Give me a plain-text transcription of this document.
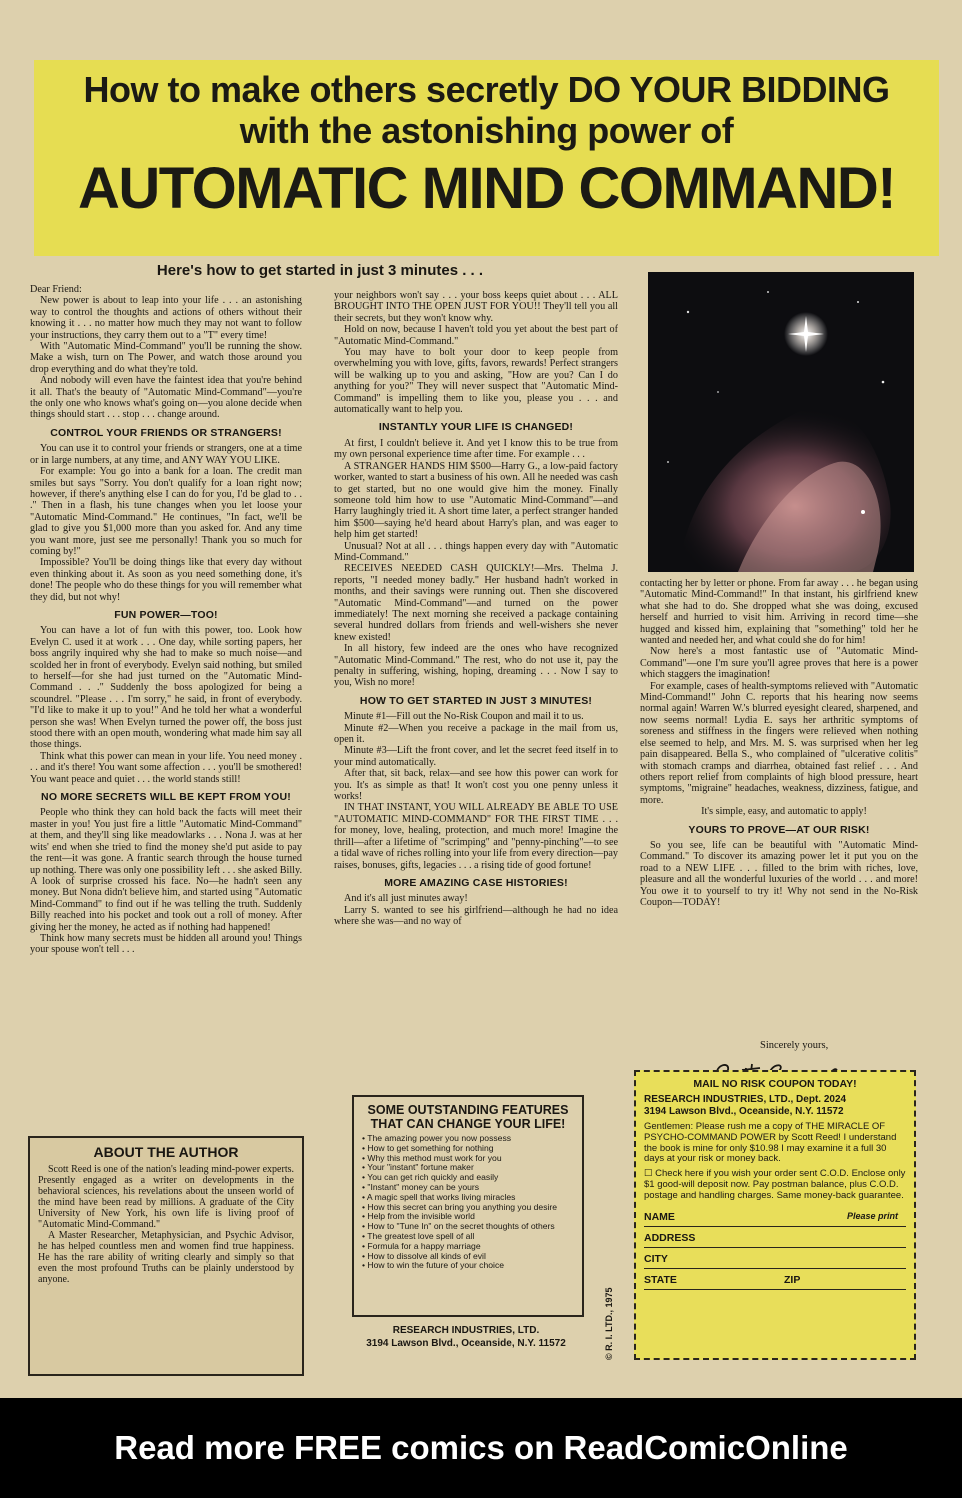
How to make others secretly DO YOUR BIDDING
with the astonishing power of
AUTOMATIC MIND COMMAND!
Here's how to get started in just 3 minutes . . .

Dear Friend:

New power is about to leap into your life . . . an astonishing way to control the thoughts and actions of others without their knowing it . . . no matter how much they may not want to follow your instructions, they carry them out to a "T" every time!

With "Automatic Mind-Command" you'll be running the show. Make a wish, turn on The Power, and watch those around you drop everything and do what they're told.

And nobody will even have the faintest idea that you're behind it all. That's the beauty of "Automatic Mind-Command"—you're the only one who knows what's going on—you alone decide when things should start . . . stop . . . change around.

CONTROL YOUR FRIENDS OR STRANGERS!

You can use it to control your friends or strangers, one at a time or in large numbers, at any time, and ANY WAY YOU LIKE.

For example: You go into a bank for a loan. The credit man smiles but says "Sorry. You don't qualify for a loan right now; however, if there's anything else I can do for you, I'd be glad to . . ." Then in a flash, his tune changes when you let loose your "Automatic Mind-Command." He continues, "In fact, we'll be glad to give you $1,000 more than you asked for. And any time you want more, just see me personally! Thank you so much for coming by!"

Impossible? You'll be doing things like that every day without even thinking about it. As soon as you need something done, it's done! The people who do these things for you will remember what they did, but not why!

FUN POWER—TOO!

You can have a lot of fun with this power, too. Look how Evelyn C. used it at work . . . One day, while sorting papers, her boss angrily inquired why she had to make so much noise—and scolded her in front of everybody. Evelyn said nothing, but smiled to herself—for she had just turned on the "Automatic Mind-Command . . ." Suddenly the boss apologized for being a scoundrel. "Please . . . I'm sorry," he said, in front of everybody. "I'd like to make it up to you!" And he told her what a wonderful person she was! When Evelyn turned the power off, the boss just stood there with an open mouth, wondering what made him say all those things.

Think what this power can mean in your life. You need money . . . and it's there! You want some affection . . . you'll be smothered! You want peace and quiet . . . the world stands still!

NO MORE SECRETS WILL BE KEPT FROM YOU!

People who think they can hold back the facts will meet their master in you! You just fire a little "Automatic Mind-Command" at them, and they'll sing like meadowlarks . . . Nona J. was at her wits' end when she tried to find the money she'd put aside to pay the rent—it was gone. A frantic search through the house turned up nothing. There was only one possibility left . . . she asked Billy. A look of surprise crossed his face. No—he hadn't seen any money. But Nona didn't believe him, and started using "Automatic Mind-Command" to find out if he was telling the truth. Suddenly Billy reached into his pocket and took out a roll of money. After giving her the money, he acted as if nothing had happened!

Think how many secrets must be hidden all around you! Things your spouse won't tell . . .

your neighbors won't say . . . your boss keeps quiet about . . . ALL BROUGHT INTO THE OPEN JUST FOR YOU!! They'll tell you all their secrets, but they won't know why.

Hold on now, because I haven't told you yet about the best part of "Automatic Mind-Command."

You may have to bolt your door to keep people from overwhelming you with love, gifts, favors, rewards! Perfect strangers will be walking up to you and asking, "How are you? Can I do anything for you?" They will never suspect that "Automatic Mind-Command" is impelling them to like you, please you . . . and automatically want to help you.

INSTANTLY YOUR LIFE IS CHANGED!

At first, I couldn't believe it. And yet I know this to be true from my own personal experience time after time. For example . . .

A STRANGER HANDS HIM $500—Harry G., a low-paid factory worker, wanted to start a business of his own. All he needed was cash to get started, but no one would give him the money. Finally someone told him how to use "Automatic Mind-Command"—and Harry laughingly tried it. A short time later, a perfect stranger handed him $500—saying he'd heard about Harry's plan, and was eager to help him get started!

Unusual? Not at all . . . things happen every day with "Automatic Mind-Command."

RECEIVES NEEDED CASH QUICKLY!—Mrs. Thelma J. reports, "I needed money badly." Her husband hadn't worked in months, and their savings were running out. Then she discovered "Automatic Mind-Command"—and turned on the power immediately! The next morning she received a package containing several hundred dollars from friends and well-wishers she never knew existed!

In all history, few indeed are the ones who have recognized "Automatic Mind-Command." The rest, who do not use it, pay the penalty in suffering, wishing, hoping, dreaming . . . Now I say to you, Wish no more!

HOW TO GET STARTED IN JUST 3 MINUTES!

Minute #1—Fill out the No-Risk Coupon and mail it to us.

Minute #2—When you receive a package in the mail from us, open it.

Minute #3—Lift the front cover, and let the secret feed itself in to your mind automatically.

After that, sit back, relax—and see how this power can work for you. It's as simple as that! It won't cost you one penny unless it works!

IN THAT INSTANT, YOU WILL ALREADY BE ABLE TO USE "AUTOMATIC MIND-COMMAND" FOR THE FIRST TIME . . . for money, love, healing, protection, and much more! Imagine the thrill—after a lifetime of "scrimping" and "penny-pinching"—to see a tidal wave of riches rolling into your life from every direction—pay raises, bonuses, gifts, legacies . . . a rising tide of good fortune!

MORE AMAZING CASE HISTORIES!

And it's all just minutes away!

Larry S. wanted to see his girlfriend—although he had no idea where she was—and no way of

contacting her by letter or phone. From far away . . . he began using "Automatic Mind-Command!" In that instant, his girlfriend knew what she had to do. She dropped what she was doing, excused herself and hurried to visit him. Arriving in record time—she hugged and kissed him, explaining that "something" told her he wanted and needed her, and what could she do for him!

Now here's a most fantastic use of "Automatic Mind-Command"—one I'm sure you'll agree proves that here is a power which staggers the imagination!

For example, cases of health-symptoms relieved with "Automatic Mind-Command!" John C. reports that his hearing now seems normal again! Warren W.'s blurred eyesight cleared, sharpened, and now seems normal! Lydia E. says her arthritic symptoms of soreness and stiffness in the fingers were relieved when nothing else seemed to help, and Mrs. M. S. was surprised when her leg pain disappeared. Bella S., who complained of "ulcerative colitis" with stomach cramps and diarrhea, obtained fast relief . . . And others report relief from complaints of high blood pressure, heart symptoms, "migraine" headaches, weakness, dizziness, fatigue, and more.

It's simple, easy, and automatic to apply!

YOURS TO PROVE—AT OUR RISK!

So you see, life can be beautiful with "Automatic Mind-Command." To discover its amazing power let it put you on the road to a NEW LIFE . . . filled to the brim with riches, love, pleasure and all the wonderful luxuries of the world . . . and more! You owe it to yourself to try it! Why not send in the No-Risk Coupon—TODAY!

Sincerely yours,
ABOUT THE AUTHOR

Scott Reed is one of the nation's leading mind-power experts. Presently engaged as a writer on developments in the behavioral sciences, his revelations about the unseen world of the mind have been read by millions. A graduate of the City University of New York, his own life is living proof of "Automatic Mind-Command."

A Master Researcher, Metaphysician, and Psychic Advisor, he has helped countless men and women find true happiness. He has the rare ability of writing clearly and simply so that even the most profound Truths can be plainly understood by anyone.

SOME OUTSTANDING FEATURES THAT CAN CHANGE YOUR LIFE!
• The amazing power you now possess
• How to get something for nothing
• Why this method must work for you
• Your "instant" fortune maker
• You can get rich quickly and easily
• "Instant" money can be yours
• A magic spell that works living miracles
• How this secret can bring you anything you desire
• Help from the invisible world
• How to "Tune In" on the secret thoughts of others
• The greatest love spell of all
• Formula for a happy marriage
• How to dissolve all kinds of evil
• How to win the future of your choice
RESEARCH INDUSTRIES, LTD.
3194 Lawson Blvd., Oceanside, N.Y. 11572	© R. I. LTD., 1975
MAIL NO RISK COUPON TODAY!
RESEARCH INDUSTRIES, LTD., Dept. 2024
3194 Lawson Blvd., Oceanside, N.Y. 11572
Gentlemen: Please rush me a copy of THE MIRACLE OF PSYCHO-COMMAND POWER by Scott Reed! I understand the book is mine for only $10.98 I may examine it a full 30 days at your risk or money back.
☐ Check here if you wish your order sent C.O.D. Enclose only $1 good-will deposit now. Pay postman balance, plus C.O.D. postage and handling charges. Same money-back guarantee.
NAME	Please print
ADDRESS
CITY
STATE	ZIP
Read more FREE comics on ReadComicOnline
